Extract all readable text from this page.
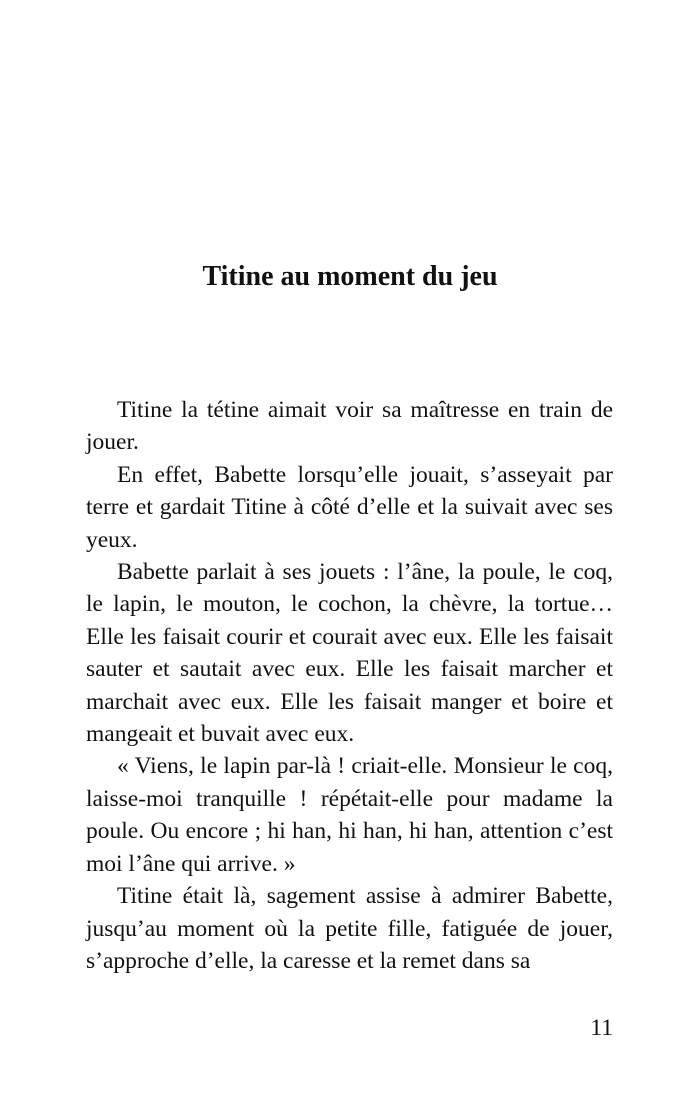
Titine au moment du jeu

Titine la tétine aimait voir sa maîtresse en train de jouer.

En effet, Babette lorsqu’elle jouait, s’asseyait par terre et gardait Titine à côté d’elle et la suivait avec ses yeux.

Babette parlait à ses jouets : l’âne, la poule, le coq, le lapin, le mouton, le cochon, la chèvre, la tortue… Elle les faisait courir et courait avec eux. Elle les faisait sauter et sautait avec eux. Elle les faisait marcher et marchait avec eux. Elle les faisait manger et boire et mangeait et buvait avec eux.

« Viens, le lapin par-là ! criait-elle. Monsieur le coq, laisse-moi tranquille ! répétait-elle pour madame la poule. Ou encore ; hi han, hi han, hi han, attention c’est moi l’âne qui arrive. »

Titine était là, sagement assise à admirer Babette, jusqu’au moment où la petite fille, fatiguée de jouer, s’approche d’elle, la caresse et la remet dans sa

11
